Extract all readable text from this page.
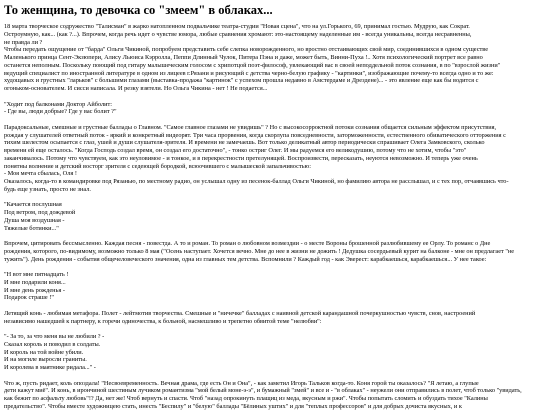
То женщина, то девочка со "змеем" в облаках...

18 марта творческое содружество "Талисман" в жарко натопленном подвальчике театра-студии "Новая сцена", что на ул.Горького, 69, принимал гостью. Мудрую, как Сократ.
Остроумную, как... (как ?...). Впрочем, когда речь идет о чувстве юмора, любые сравнения хромают: это-настоящему наделенные им - всегда уникальны, всегда несравненны,
не правда ли ?
Чтобы передать ощущение от "барда" Ольги Чикиной, попробуем представить себе слепка новорожденного, но вростно отстаивающих свой мир, соединившихся в одном существе
Маленького принца Сент-Экзюпери, Алису Льюиса Кэрролла, Пеппи Длинный Чулок, Питера Пэна и даже, может быть, Винни-Пуха !.. Хотя психологический портрет все равно
останется неполным. Поскольку поющий под гитару малышеческим голосом с хрипотцой поэт-философ, увлекающий вас в своей неподдельной поток сознания, в по "взрослой жизни"
ведущий специалист по иностранной литературе в одном из лицеев г.Рязани и рисующий с детства чернo-белую графику - "картинки", изображающие почему-то всегда одно и то же:
худощавых и грустных "ларьков" с большими глазами (выставка-продажа "картинок" с успехом прошла недавно в Амстердаме и Дрездене)... - это явление еще как бы водится с
огоньком-основателем. И сисси написала. И резку взятели. Но Ольга Чикина - нет ! Не подается...

"Ходит под балконами Доктор Айболит:
- Где вы, люди добрые? Где у вас болит ?"

Парадоксальные, смешные и грустные баллады о Главном. "Самое главное глазами не увидишь" ? Но с высокосорроктной потоки сознания общается сильным эффектом присутствия,
рождая у слушателей ответный поток - яркий и конкретный видеорят. Три часа прорвения, когда скорлупа повседневности, заторможенности, естественного обиватического отторжения с
тихим шелестом осыпается с глаз, ушей и души слушателя-зрителя. И времени не замечаешь. Вот только деликатный автор периодически спрашивает Олега Замковского, сколько
времени ей еще осталось. "Когда Господь создал время, он создал его достаточно", - тонко остриг Олег. И мы радуемся его великодушию, потому что не хотим, чтобы "это"
заканчивалось. Потому что чувствуем, как это неуловимое - и тонкое, и в перекрестности претелунящей. Воспроизвести, пересказать, неуются невозможно. И теперь уже очень
понятны волнение и детский восторг зрителя с седеющей бородкой, всюочившего с малышеской запальчивостью:
- Моя мечта сбылась, Оля !
Оказалось, когда-то в командировке под Рязанью, по местному радио, он услышал одну из песенок-баллад Ольги Чикиной, но фамилию авторa не расслышал, и с тех пор, отчаявшись что-
будь еще узнать, просто не знал.

"Качается послушная
Под ветром, под дождевой
Душа моя воздушная -
Тяжелые ботинки..."

Впрочем, цитировать бессмысленно. Каждая песня - повестда. А то и роман. То роман о любовном возмездии - о месте Вороны брошенной разлюбившему ее Орлу. То романс о Дне
рождения, которого, по-видимому, возможно только 8 мая ("Осень наступает. Хочется вечно. Мне до нее в жизни не дожить ! Дедушка сосердьевый курит на балконе - мне он предлагает "не
тужить"). День рождения - события общечеловеческого значения, одна из главных тем детства. Вспомнили ? Каждый год - как Эверест: карабкаешься, карабкаешься... У нее такое:

"Н вот мне пятнадцать !
И мне подарили коня...
И мне день рожденья -
Подарок страше !"

Летящий конь - любимая метафора. Полет - лейтмотив творчества. Смешные и "ничечке" балладах с наивной детской карандашной почеркушностью чувств, снов, настроений
независимо нашедшей к партнеру, к горечи одиночества, к больной, насмешливо и трепетно обвитой теме "нелюбви":

"- За то, за что меня вы не любили ? -
Сказал король и поводил в солдаты.
И король на той войне убили.
И на могиле выросли граниты.
И королева в маятнике ридала..." -

Что ж, пусть ридает, коль опоздала! "Несвоевременность. Вечная драма, где есть Он и Она", - как заметил Игорь Тальков когда-то. Коня горой ты оказалось? "Я летаю, а глупые
дети кажут миё". И конь, в ирончиной шестиным лучиком романтизма "мой белый моне-э-э", и бумажный "змей" и все и - "в облаках" - неужели они отправились в полет, чтоб только "увидать,
как бежит по асфальту любовь"!? Да, нет же! Чтоб вернуть и спасти. Чтоб "назад опрокинуть плащиц из меда, вкусным и ржи". Чтобы попытать сломить и обуздать тихое "Калины
предательство". Чтобы вместе художницею стать, инесть "Беспилу" и "белую" баллады "Бёлиных уштих" и для "теплых профессоров" и для добрых дочиста вкусных, и к
